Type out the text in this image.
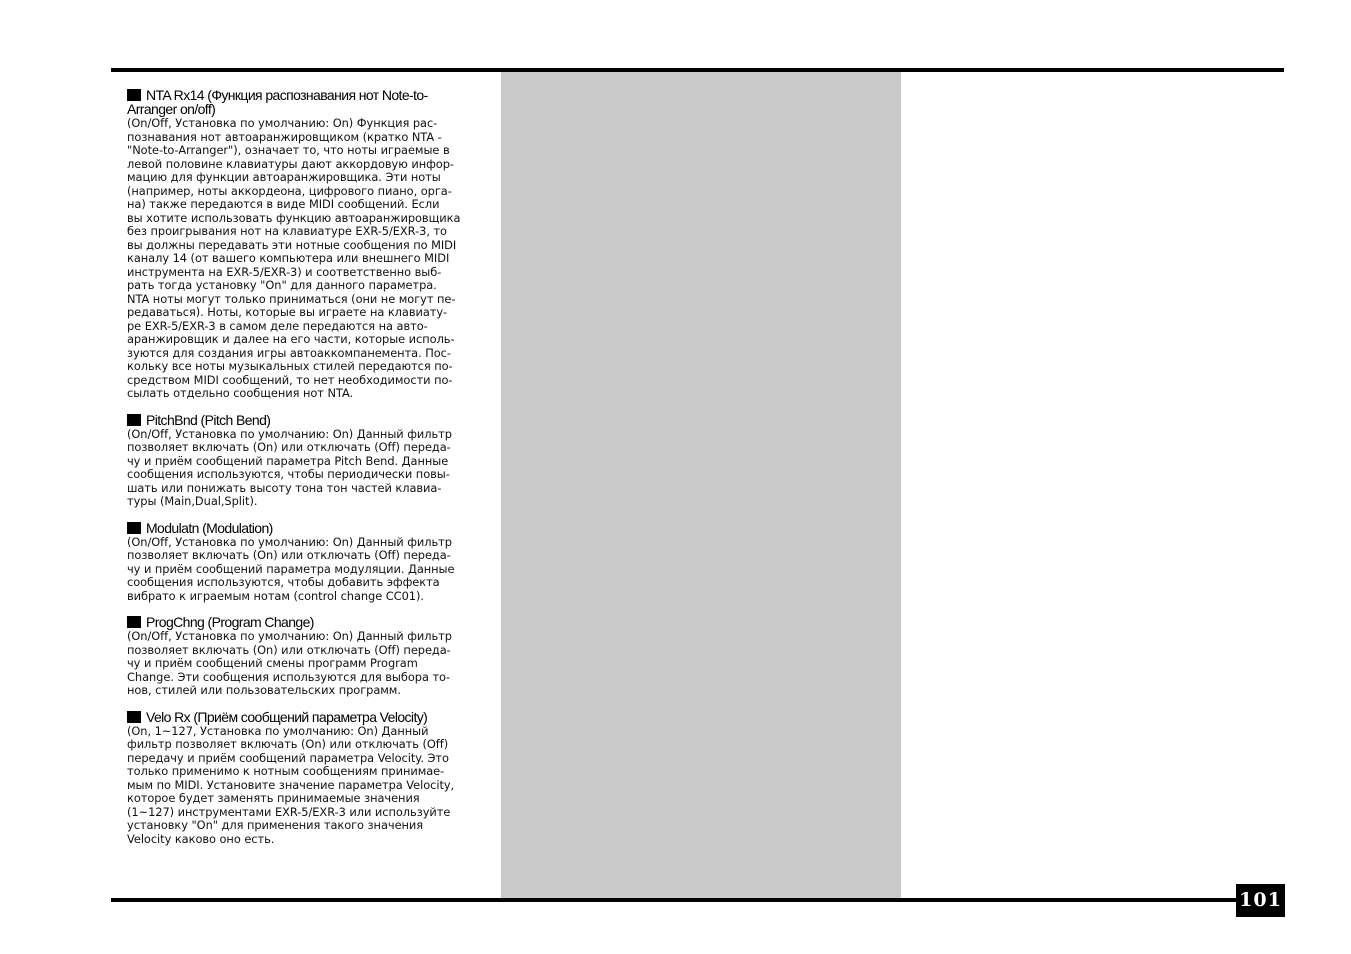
NTA Rx14 (Функция распознавания нот Note-to-
Arranger on/off)

(On/Off, Установка по умолчанию: On) Функция рас-
познавания нот автоаранжировщиком (кратко NTA -
"Note-to-Arranger"), означает то, что ноты играемые в
левой половине клавиатуры дают аккордовую инфор-
мацию для функции автоаранжировщика. Эти ноты
(например, ноты аккордеона, цифрового пиано, орга-
на) также передаются в виде MIDI сообщений. Если
вы хотите использовать функцию автоаранжировщика
без проигрывания нот на клавиатуре EXR-5/EXR-3, то
вы должны передавать эти нотные сообщения по MIDI
каналу 14 (от вашего компьютера или внешнего MIDI
инструмента на EXR-5/EXR-3) и соответственно выб-
рать тогда установку "On" для данного параметра.
NTA ноты могут только приниматься (они не могут пе-
редаваться). Ноты, которые вы играете на клавиату-
ре EXR-5/EXR-3 в самом деле передаются на авто-
аранжировщик и далее на его части, которые исполь-
зуются для создания игры автоаккомпанемента. Пос-
кольку все ноты музыкальных стилей передаются по-
средством MIDI сообщений, то нет необходимости по-
сылать отдельно сообщения нот NTA.

PitchBnd (Pitch Bend)

(On/Off, Установка по умолчанию: On) Данный фильтр
позволяет включать (On) или отключать (Off) переда-
чу и приём сообщений параметра Pitch Bend. Данные
сообщения используются, чтобы периодически повы-
шать или понижать высоту тона тон частей клавиа-
туры (Main,Dual,Split).

Modulatn (Modulation)

(On/Off, Установка по умолчанию: On) Данный фильтр
позволяет включать (On) или отключать (Off) переда-
чу и приём сообщений параметра модуляции. Данные
сообщения используются, чтобы добавить эффекта
вибрато к играемым нотам (control change CC01).

ProgChng (Program Change)

(On/Off, Установка по умолчанию: On) Данный фильтр
позволяет включать (On) или отключать (Off) переда-
чу и приём сообщений смены программ Program
Change. Эти сообщения используются для выбора то-
нов, стилей или пользовательских программ.

Velo Rx (Приём сообщений параметра Velocity)

(On, 1~127, Установка по умолчанию: On) Данный
фильтр позволяет включать (On) или отключать (Off)
передачу и приём сообщений параметра Velocity. Это
только применимо к нотным сообщениям принимае-
мым по MIDI. Установите значение параметра Velocity,
которое будет заменять принимаемые значения
(1~127) инструментами EXR-5/EXR-3 или используйте
установку "On" для применения такого значения
Velocity каково оно есть.

101
